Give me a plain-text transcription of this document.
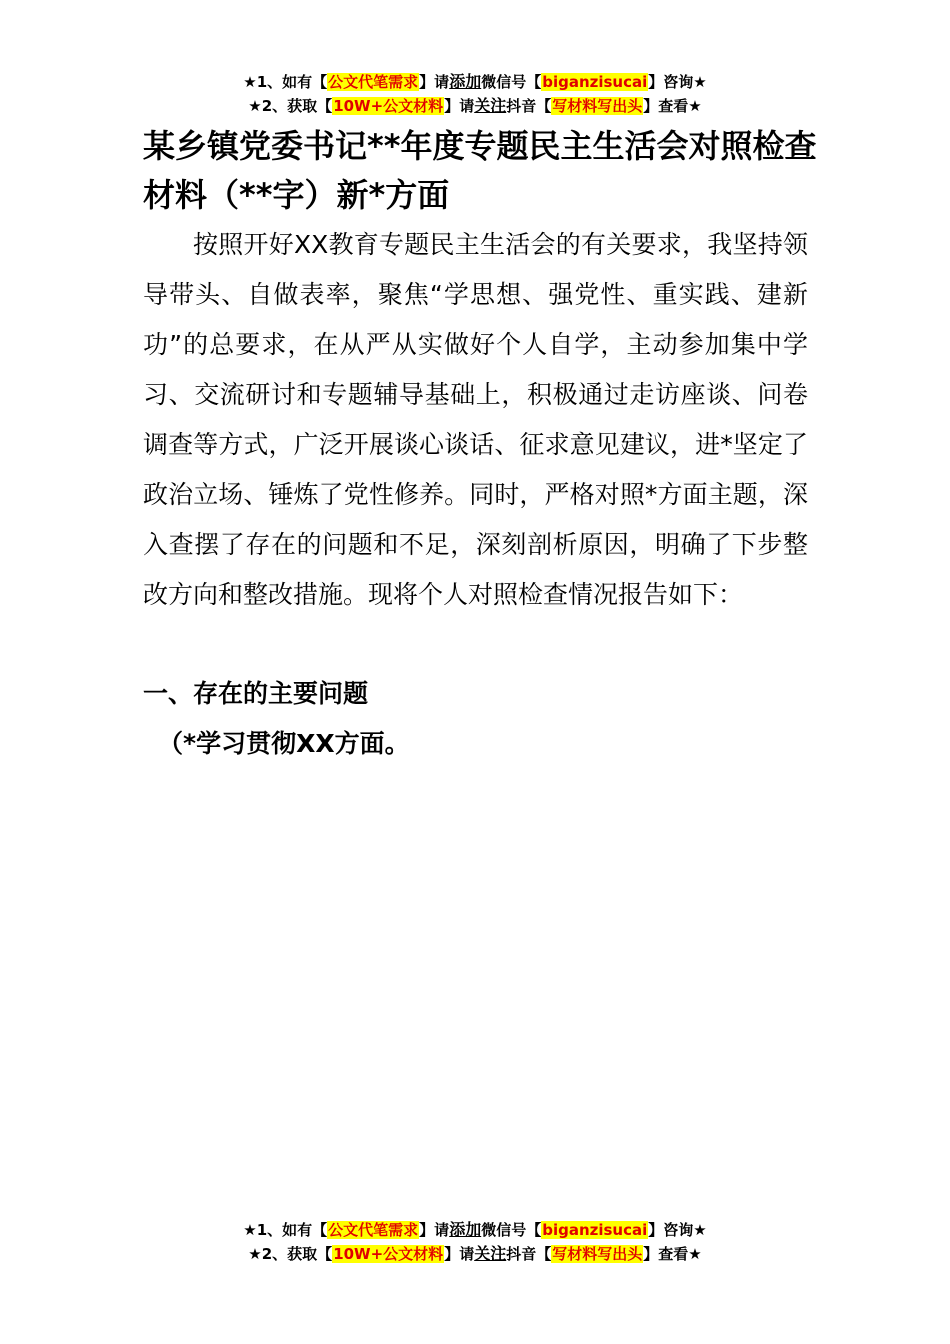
★1、如有【公文代笔需求】请添加微信号【biganzisucai】咨询★
★2、获取【10W+公文材料】请关注抖音【写材料写出头】查看★
某乡镇党委书记**年度专题民主生活会对照检查材料（**字）新*方面

按照开好XX教育专题民主生活会的有关要求，我坚持领导带头、自做表率，聚焦“学思想、强党性、重实践、建新功”的总要求，在从严从实做好个人自学，主动参加集中学习、交流研讨和专题辅导基础上，积极通过走访座谈、问卷调查等方式，广泛开展谈心谈话、征求意见建议，进*坚定了政治立场、锤炼了党性修养。同时，严格对照*方面主题，深入查摆了存在的问题和不足，深刻剖析原因，明确了下步整改方向和整改措施。现将个人对照检查情况报告如下：

一、存在的主要问题
（*学习贯彻XX方面。
★1、如有【公文代笔需求】请添加微信号【biganzisucai】咨询★
★2、获取【10W+公文材料】请关注抖音【写材料写出头】查看★
